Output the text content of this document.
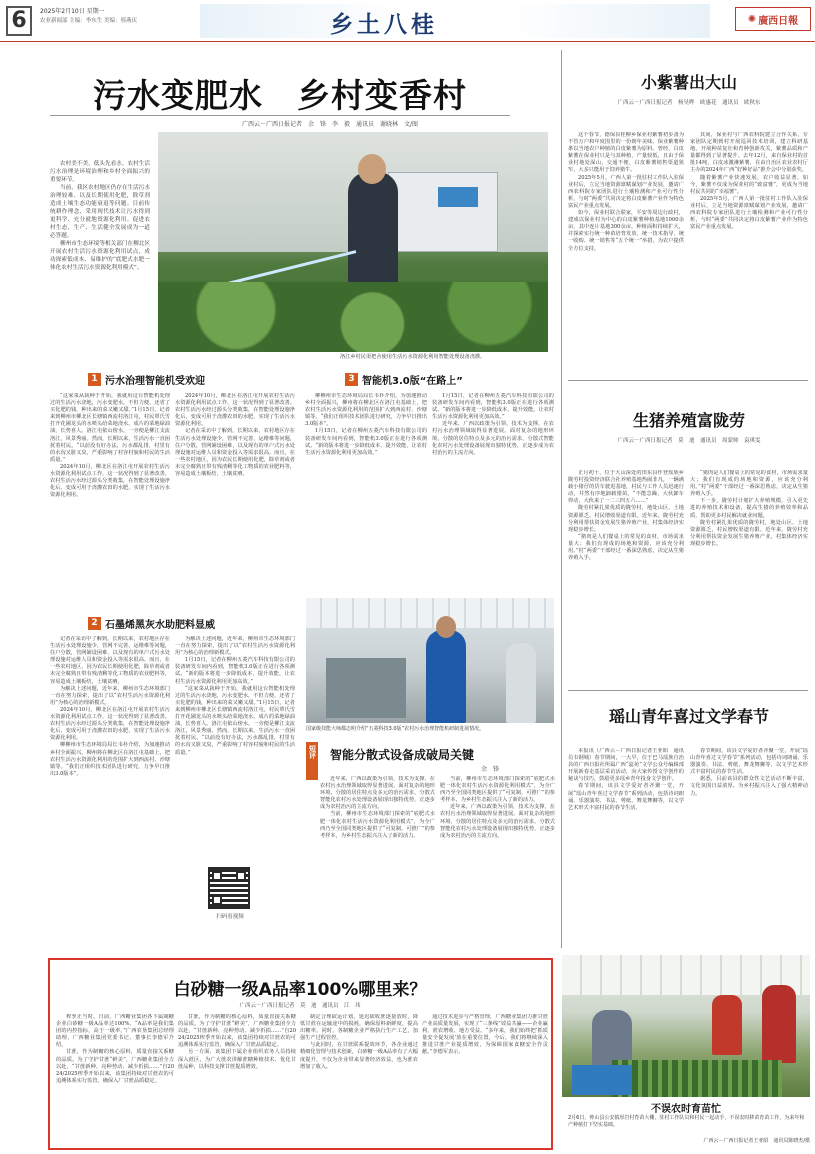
6	2025年2月10日 星期一
农业新闻部 主编：李东生 美编：邢燕庆	乡土八桂	✺ 廣西日報
污水变肥水　乡村变香村
广西云－广西日报记者　余　锋　李　毅　通讯员　谢晓林　文/图

农村美不美，低头先看水。农村生活污水治理是环境治理和乡村全面振兴的重要环节。

当前，我区农村地区仍存在生活污水治理较难、以及长期使用化肥，除草剂造成土壤生态功能衰退等问题。目前传统耕作理念、采用现代技术让污水得到更科学、充分就地资源化利用。促进农村生态，生产、生活健全发展成为一道必答题。

柳州市生态环境等相关部门在柳北区开展农村生活污水资源化利用试点，成功探索低成本、易维护的“底肥式水肥一体化农村生活污水资源化利用模式”。

洛江乡村民渠把舍使用生活污水资源化利用智能处理设备浇灌。
1 污水治理智能机受欢迎

“这家菜从栽种于开始，我就用这台智能机处理过的生活污水浇地，污水变肥水，不但力便、还省了买化肥的钱，种出来的菜又嫩又甜。”1月15日，记者来到柳州市柳北区长塘镇西流村洛江屯，村民覃氏雪打开花圃龙头的水喷头给菜地浇水。成片的菜地绿油油，长势喜人。洛江屯依山傍水，一旁便是柳江支流洛江，风景秀丽。然而，长期以来，生活污水一直困扰着村民。“以前没有好办法，污水都乱排，村里有的水沟又脏又臭，严重影响了村容村貌和村民的生活质量。”

2024年10月，柳北区在洛江屯开展农村生活污水资源化利用试点工作，这一状况得到了显著改善。农村生活污水经过源头分类收集，在智能处理设施净化后，变成可用于浇灌农田的水肥，实现了生活污水资源化利用。

2024年10月，柳北区在洛江屯开展农村生活污水资源化利用试点工作，这一状况得到了显著改善。农村生活污水经过源头分类收集，在智能处理设施净化后，变成可用于浇灌农田的水肥，实现了生活污水资源化利用。

记者在采访中了解到，长期以来，农村地区存在生活污水处理设施少，管网不完善，运维难等问题，住户分散，管网铺设困难，以及现有的单户式污水处理设施对运维人员和资金投入等需求很高。而且，在一些农村地区，因为农民长期使用化肥，除草剂或者未完全腐熟且带有残渣剩等化工物质的农业肥料等，容易造成土壤板结，土壤贫瘠。

2 石墨烯黑灰水助肥料显威

记者在采访中了解到，长期以来，农村地区存在生活污水处理设施少，管网不完善，运维难等问题，住户分散，管网铺设困难，以及现有的单户式污水处理设施对运维人员和资金投入等需求很高。而且，在一些农村地区，因为农民长期使用化肥，除草剂或者未完全腐熟且带有残渣剩等化工物质的农业肥料等，容易造成土壤板结，土壤贫瘠。

为解决上述问题，近年来，柳州市生态环境部门一直在努力探索，提出了以“农村生活污水资源化利用”为核心的治理新模式。

2024年10月，柳北区在洛江屯开展农村生活污水资源化利用试点工作，这一状况得到了显著改善。农村生活污水经过源头分类收集，在智能处理设施净化后，变成可用于浇灌农田的水肥，实现了生活污水资源化利用。

柳柳州市生态环境局局长韦朴介绍，为加速推动乡村全面振兴，柳州将在柳北区在洛江屯基础上，把农村生活污水资源化利用的范围扩大到西流村、沙塘镇等。“我们正组织技术团队进行研究，力争早日推出3.0版本”。

为解决上述问题，近年来，柳州市生态环境部门一直在努力探索，提出了以“农村生活污水资源化利用”为核心的治理新模式。

1月15日，记者在柳州五菱汽车科技有限公司的装备研发车间内看到，智能机3.0版正在进行各项测试。“新的版本将进一步降低成本、提升效能，让农村生活污水资源化利用更加高效。”

“这家菜从栽种于开始，我就用这台智能机处理过的生活污水浇地，污水变肥水，不但力便、还省了买化肥的钱，种出来的菜又嫩又甜。”1月15日，记者来到柳州市柳北区长塘镇西流村洛江屯，村民覃氏雪打开花圃龙头的水喷头给菜地浇水。成片的菜地绿油油，长势喜人。洛江屯依山傍水，一旁便是柳江支流洛江，风景秀丽。然而，长期以来，生活污水一直困扰着村民。“以前没有好办法，污水都乱排，村里有的水沟又脏又臭，严重影响了村容村貌和村民的生活质量。”

3 智能机3.0版“在路上”

柳柳州市生态环境局局长韦朴介绍，为加速推动乡村全面振兴，柳州将在柳北区在洛江屯基础上，把农村生活污水资源化利用的范围扩大到西流村、沙塘镇等。“我们正组织技术团队进行研究，力争早日推出3.0版本”。

1月15日，记者在柳州五菱汽车科技有限公司的装备研发车间内看到，智能机3.0版正在进行各项测试。“新的版本将进一步降低成本、提升效能，让农村生活污水资源化利用更加高效。”

1月15日，记者在柳州五菱汽车科技有限公司的装备研发车间内看到，智能机3.0版正在进行各项测试。“新的版本将进一步降低成本、提升效能，让农村生活污水资源化利用更加高效。”

近年来，广西以政策为引领，技术为支撑，在农村污水治理领域取得显著进展。面对复杂的地形环境、分散的居住特点及多元的治污需求，分散式智能化农村污水处理设备展现出独特优势，正逐步成为农村治污的主流方向。

国家级技能大师都志明介绍“五菱科技3.0版”农村污水治理智能机研制进展情况。
短评 智能分散式设备成破局关键
余　锋

近年来，广西以政策为引领，技术为支撑，在农村污水治理领域取得显著进展。面对复杂的地形环境、分散的居住特点及多元的治污需求，分散式智能化农村污水处理设备展现出独特优势，正逐步成为农村治污的主流方向。

当前，柳州市生态环境部门探索的“底肥式水肥一体化农村生活污水资源化利用模式”，为全广西乃至全国同类地区提供了“可复制、可推广”的参考样本，为乡村生态振兴注入了新的活力。

当前，柳州市生态环境部门探索的“底肥式水肥一体化农村生活污水资源化利用模式”，为全广西乃至全国同类地区提供了“可复制、可推广”的参考样本，为乡村生态振兴注入了新的活力。

近年来，广西以政策为引领，技术为支撑，在农村污水治理领域取得显著进展。面对复杂的地形环境、分散的居住特点及多元的治污需求，分散式智能化农村污水处理设备展现出独特优势，正逐步成为农村治污的主流方向。

扫码看视频
小紫薯出大山
广西云－广西日报记者　杨昊晔　欧惠花　通讯员　欧秋东

这个春节，德保县桂柳乡保业村紫薯初步备为不管万户和年度围里的一份朗年美味。保业紫薯种条以当地农户种植的白皮紫薯为原料。曾经，白皮紫薯在保业村只是与其种植，产量较低，且由于保业村地处深山，交通不便，白皮紫薯销售渠道狭窄，大多只能用于饲养猪牛。

2025年5月，广西人第一批驻村工作队入驻保业村后，立足当地资源禀赋谋划产业发展，邀请广西农科院专家团队进行土壤检测和产业可行性分析，与时“两委”共同决定将白皮紫薯产业作为特色富民产业重点发展。

如今，保业村联合联家，平安等周边行政村，建成以保业村为中心的白皮紫薯种植基地1000余亩，其中连片基地300余亩，种植面积持续扩大，并探索实行统一种苗培育发放、统一技术指导、统一收购、统一销售等“五个统一”举措，为农户提供全方位支持。

其间，保业村与广西农科院建立合作关系，专家团队定期到村开展巡回技术培训，建立科研基地，开展种苗复壮和育种创新攻关，紫薯品质和产量都得到了显著提升。去年12月，来自保业村的首批14吨，白皮冰激淋紫薯，在由自治区农业农村厅主办的2024年广西“好种好品”推介会中分别获奖。

随着紫薯产业快速发展，农户收益显著，如今，紫薯不仅成为保业村的“致富薯”，更成为当地村民共同的“幸福薯”。

2025年5月，广西人第一批驻村工作队入驻保业村后，立足当地资源禀赋谋划产业发展，邀请广西农科院专家团队进行土壤检测和产业可行性分析，与时“两委”共同决定将白皮紫薯产业作为特色富民产业重点发展。

生猪养殖富陇劳
广西云－广西日报记者　莫　迪　通讯员　周蒙帅　袁琪雯

正月初十，位于大山深处的田东县作登瑶族乡陇劳村投资经济联合社养殖基地热闹非凡，一辆满载小猪仔的货车驶进基地，村民与工作人员迅速行动，井然有序地卸载猪苗。“不能急躁，大伙卸车得动，大伙来了一二三四五六……”

陇劳村紧扎果优质的陇劳村，地处山区、土地资源匮乏，村民增收渠道有限。近年来，陇劳村充分利用帮扶资金发展生猪养殖产业，村集体经济实现稳步增长。

“猪肉是人们餐桌上的常见的食材，市场需求量大；我们有现成的场地和资源，应该充分利用。”村“两委”干部经过一番深思熟虑，决定从生猪养殖入手。

“猪肉是人们餐桌上的常见的食材，市场需求量大；我们有现成的场地和资源，应该充分利用。”村“两委”干部经过一番深思熟虑，决定从生猪养殖入手。

下一步，陇劳村计划扩大养殖规模，引入更先进的养殖技术和设备，提高生猪的养殖效率和品质，帮助更多村民解决就业问题。

陇劳村紧扎果优质的陇劳村，地处山区、土地资源匮乏，村民增收渠道有限。近年来，陇劳村充分利用帮扶资金发展生猪养殖产业，村集体经济实现稳步增长。

瑶山青年喜过文学春节

本报讯（广西云－广西日报记者王亚昭　通讯员韦钢城）春节期间，一大早，位于巴马瑶族自治县的广西日报社所属广西“蕊苑”文学公众号编辑部开展新春走基层采访活动，向大家传授文学创作的秘诀与技巧，鼓励更多瑶乡青年投身文学创作。

春节期间，该县文学爱好者齐聚一堂，开展“瑶山青年喜过文学春节”系列活动，包括诗词朗诵、乐器演奏、书法、剪纸、舞龙舞狮等，以文学艺术形式丰富村民的春节生活。

春节期间，该县文学爱好者齐聚一堂，开展“瑶山青年喜过文学春节”系列活动，包括诗词朗诵、乐器演奏、书法、剪纸、舞龙舞狮等，以文学艺术形式丰富村民的春节生活。

据悉，目前该县的群众性文艺活动不断丰富，文化氛围日益浓厚，为乡村振兴注入了强大精神动力。

白砂糖一级A品率100%哪里来？
广西云－广西日报记者　莫　迪　通讯员　江　玮

榨季正当时。日前，广西糖业集团各下属制糖企业白砂糖一级A品率达100%。“A品率是我们集团的内控指标，高于一级率。”广西农垦集团总经理助理、广西糖业集团党委书记、董事长李德军介绍。

甘蔗，作为制糖的核心原料，质量直接关系糖的品质。为了守护甘蔗“鲜美”，广西糖业集团全力以赴，“甘蔗新种、亮种势动、减少折损……”自2024/2025榨季开始以来，该集团持续对甘蔗农的可追溯体系实行监管，确保入厂甘蔗品质稳定。

甘蔗，作为制糖的核心原料，质量直接关系糖的品质。为了守护甘蔗“鲜美”，广西糖业集团全力以赴，“甘蔗新种、亮种势动、减少折损……”自2024/2025榨季开始以来，该集团持续对甘蔗农的可追溯体系实行监管，确保入厂甘蔗品质稳定。

另一方面，该集团下属企业组织农务人员持续深入蔗区，为广大蔗农讲解蔗糖种植技术、优化甘蔗品种，以科技支撑甘蔗提质增效。

制定合理砍运计划，延迟砍收蔗逐量放时，降低甘蔗在运输途中的损耗，确保原料新鲜度，提高出糖率。同时，各制糖企业严格执行生产工艺，加强生产过程管控。

与此同时，在甘蔗联系提效环节，各企业通过精细化管理与技术创新，白砂糖一级A品率有了大幅度提升，不仅为企业带来显著经济效益，也为蔗农增加了收入。

通过技术进步与严格管理，广西糖业集团力推甘蔗产业高质量发展，实现了“三条线”效益共赢——企业赢利、蔗农增收、地方受益。“多年来，我们始终把‘抓质量安全促发展’放在重要位置，今后，我们将继续深入推进甘蔗产业提质增效，为保障国家食糖安全作贡献。”李德军表示。

不误农时育苗忙
2月6日，钟山县公安镇厚岩村育苗大棚，驻村工作队员和村民一起动手，不误农时移苗育苗工作，为来年和产种植打下坚实基础。
广西云－广西日报记者王亚昭　通讯员陈晓杰/摄
